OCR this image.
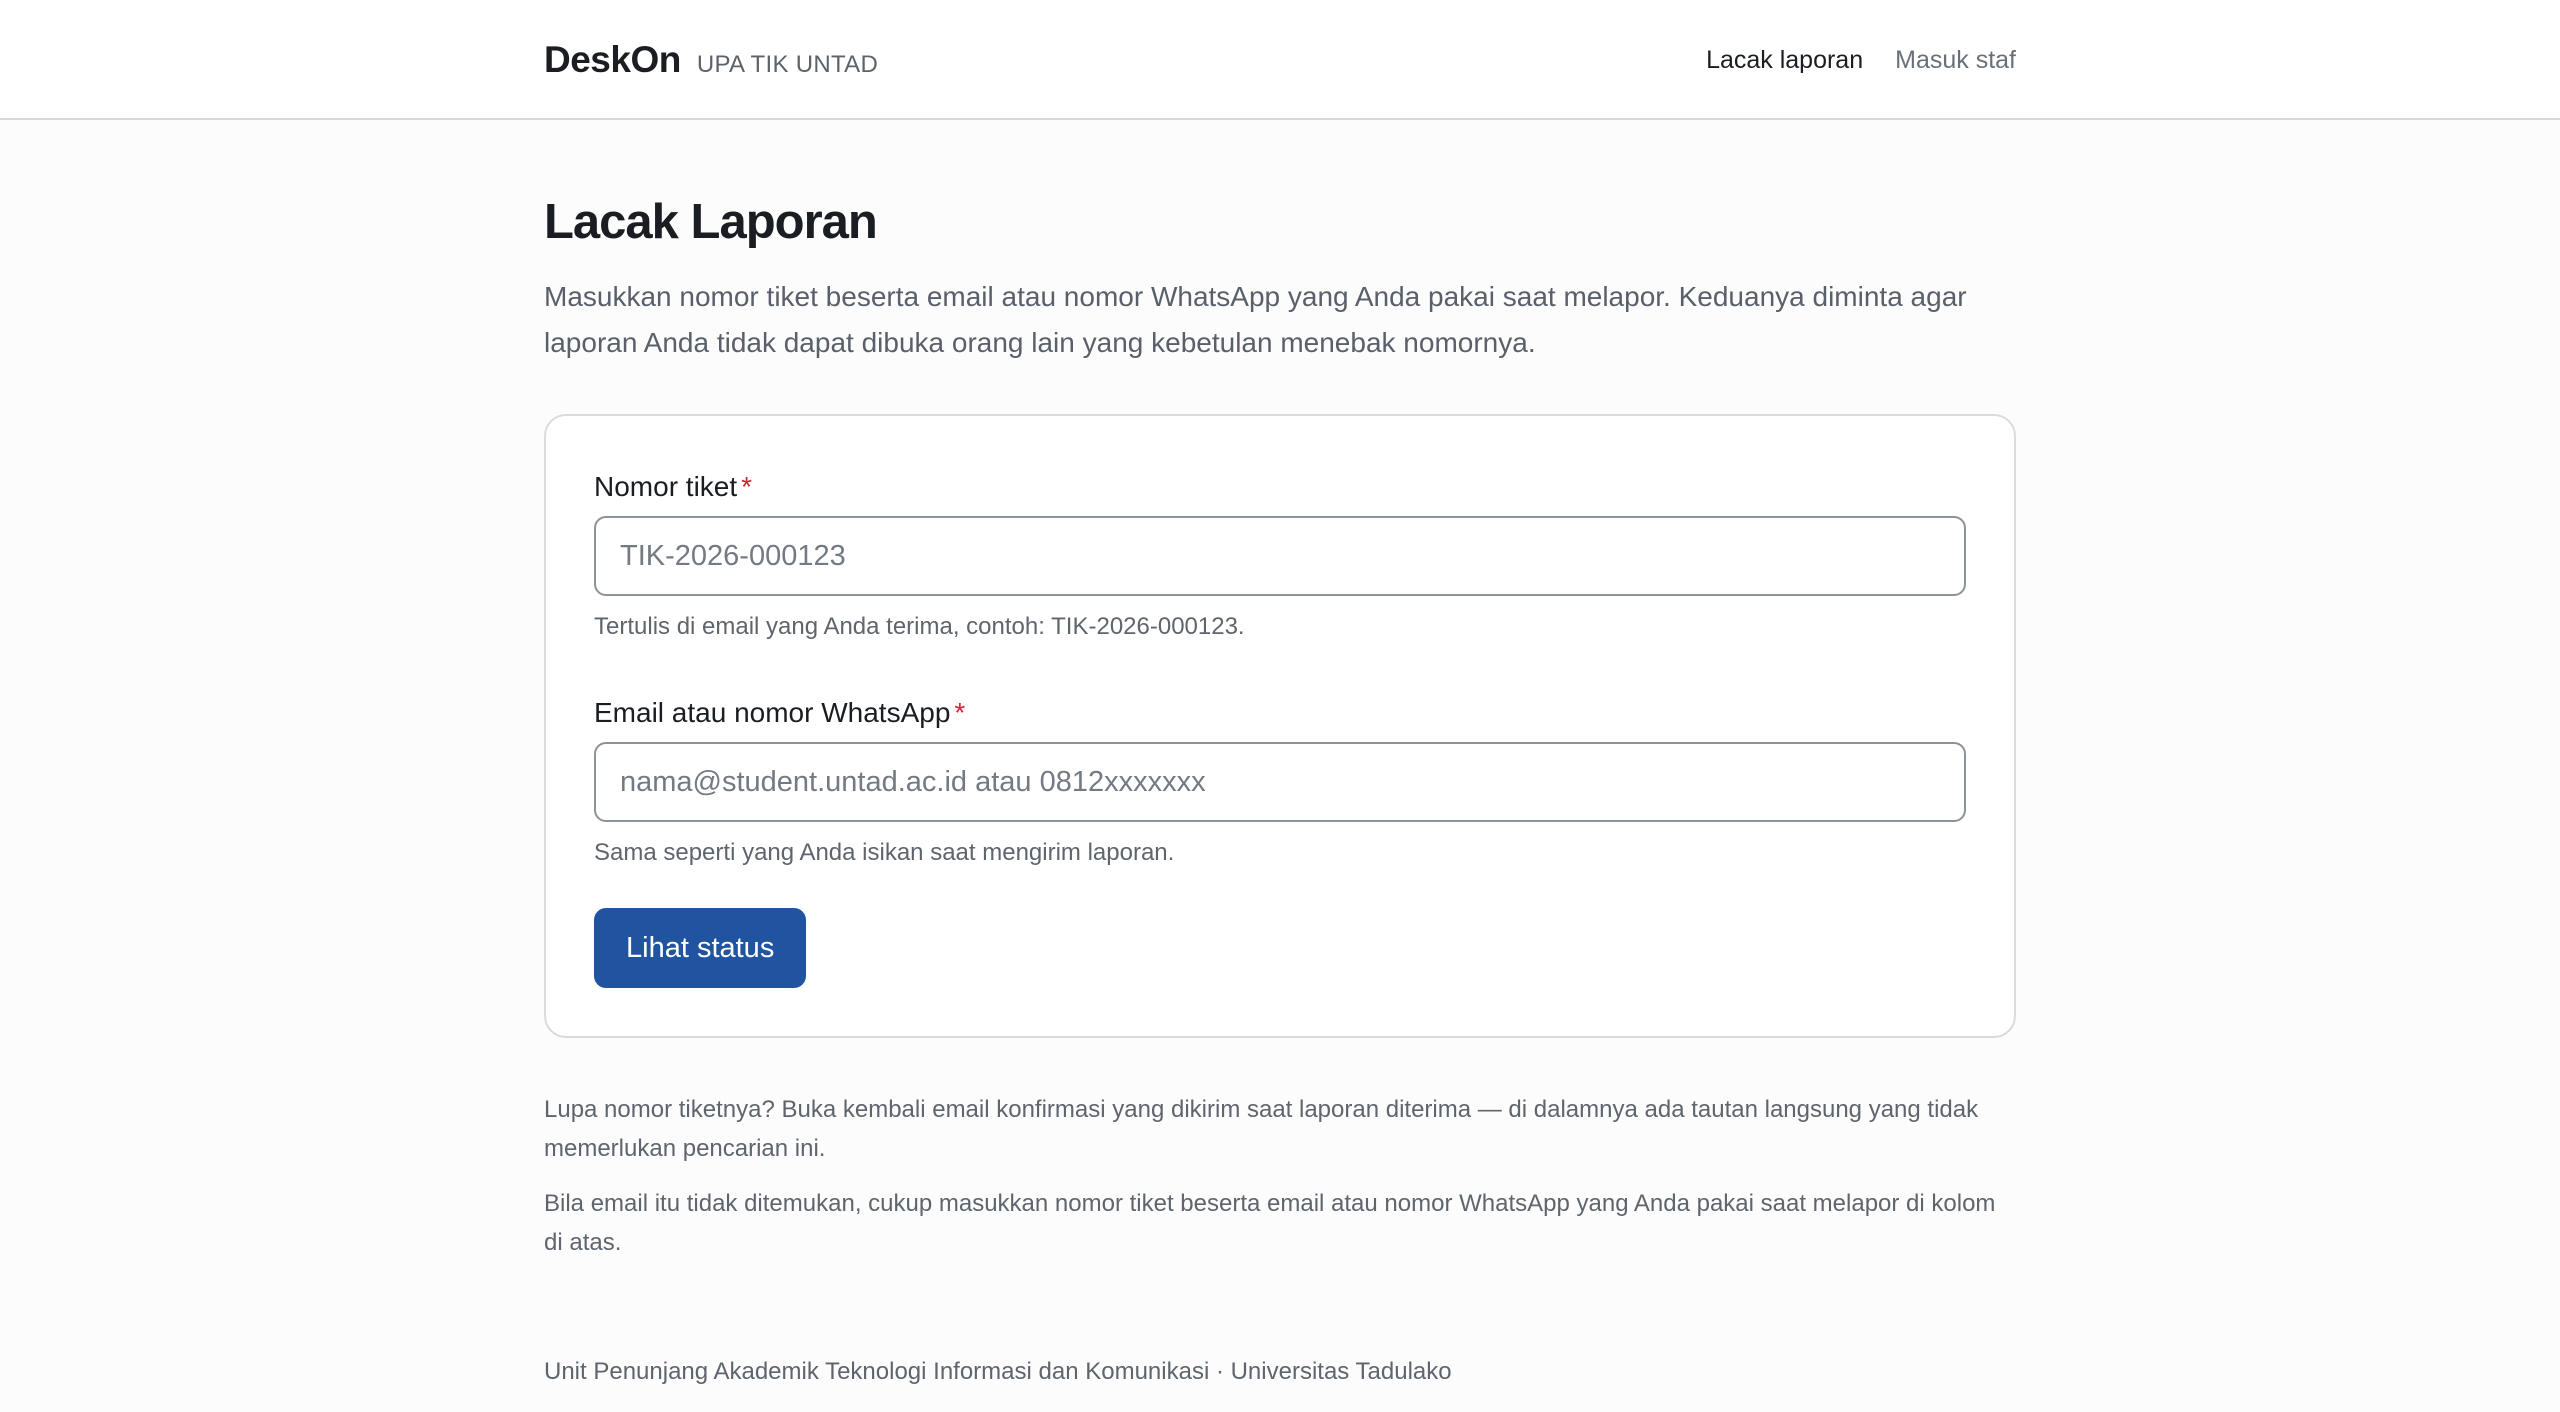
DeskOn UPA TIK UNTAD	Lacak laporan Masuk staf
Lacak Laporan

Masukkan nomor tiket beserta email atau nomor WhatsApp yang Anda pakai saat melapor. Keduanya diminta agar laporan Anda tidak dapat dibuka orang lain yang kebetulan menebak nomornya.

Nomor tiket *
TIK-2026-000123

Tertulis di email yang Anda terima, contoh: TIK-2026-000123.

Email atau nomor WhatsApp *
nama@student.untad.ac.id atau 0812xxxxxxx

Sama seperti yang Anda isikan saat mengirim laporan.

Lihat status

Lupa nomor tiketnya? Buka kembali email konfirmasi yang dikirim saat laporan diterima — di dalamnya ada tautan langsung yang tidak memerlukan pencarian ini.

Bila email itu tidak ditemukan, cukup masukkan nomor tiket beserta email atau nomor WhatsApp yang Anda pakai saat melapor di kolom di atas.

Unit Penunjang Akademik Teknologi Informasi dan Komunikasi · Universitas Tadulako
